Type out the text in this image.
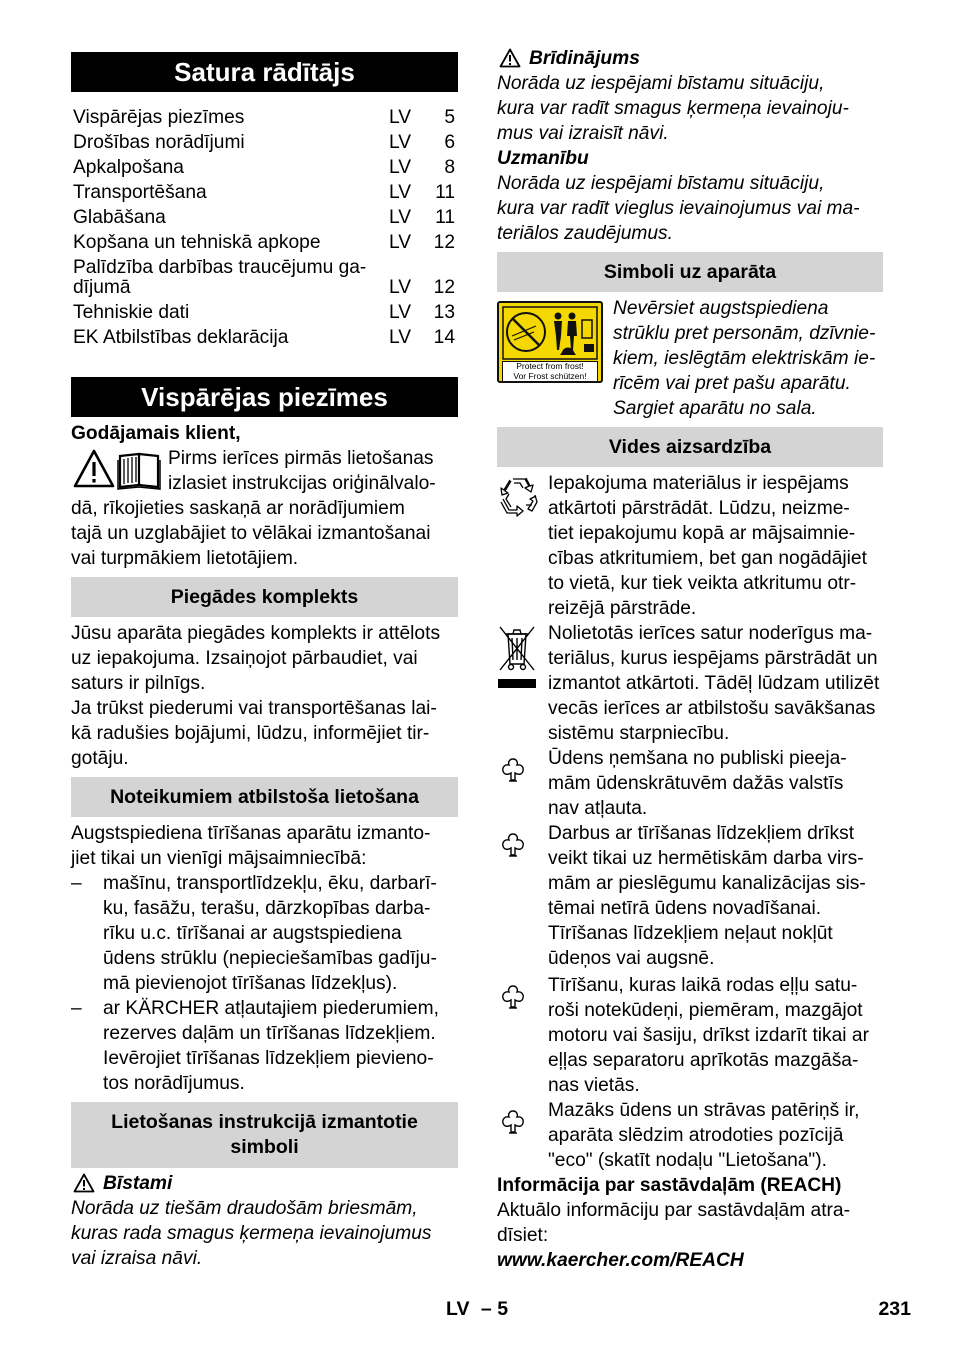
Satura rādītājs
Vispārējas piezīmes	LV 5
Drošības norādījumi	LV 6
Apkalpošana	LV 8
Transportēšana	LV 11
Glabāšana	LV 11
Kopšana un tehniskā apkope	LV 12
Palīdzība darbības traucējumu ga-
dījumā	LV 12
Tehniskie dati	LV 13
EK Atbilstības deklarācija	LV 14
Vispārējas piezīmes
Godājamais klient,
Pirms ierīces pirmās lietošanas
izlasiet instrukcijas oriģinālvalo-
dā, rīkojieties saskaņā ar norādījumiem
tajā un uzglabājiet to vēlākai izmantošanai
vai turpmākiem lietotājiem.
Piegādes komplekts
Jūsu aparāta piegādes komplekts ir attēlots
uz iepakojuma. Izsaiņojot pārbaudiet, vai
saturs ir pilnīgs.
Ja trūkst piederumi vai transportēšanas lai-
kā radušies bojājumi, lūdzu, informējiet tir-
gotāju.
Noteikumiem atbilstoša lietošana
Augstspiediena tīrīšanas aparātu izmanto-
jiet tikai un vienīgi mājsaimniecībā:
– mašīnu, transportlīdzekļu, ēku, darbarī-
ku, fasāžu, terašu, dārzkopības darba-
rīku u.c. tīrīšanai ar augstspiediena
ūdens strūklu (nepieciešamības gadīju-
mā pievienojot tīrīšanas līdzekļus).
– ar KÄRCHER atļautajiem piederumiem,
rezerves daļām un tīrīšanas līdzekļiem.
Ievērojiet tīrīšanas līdzekļiem pievieno-
tos norādījumus.
Lietošanas instrukcijā izmantotie
simboli
Bīstami
Norāda uz tiešām draudošām briesmām,
kuras rada smagus ķermeņa ievainojumus
vai izraisa nāvi.
Brīdinājums
Norāda uz iespējami bīstamu situāciju,
kura var radīt smagus ķermeņa ievainoju-
mus vai izraisīt nāvi.
Uzmanību
Norāda uz iespējami bīstamu situāciju,
kura var radīt vieglus ievainojumus vai ma-
teriālos zaudējumus.
Simboli uz aparāta
Protect from frost!
Vor Frost schützen!
Nevērsiet augstspiediena
strūklu pret personām, dzīvnie-
kiem, ieslēgtām elektriskām ie-
rīcēm vai pret pašu aparātu.
Sargiet aparātu no sala.
Vides aizsardzība
Iepakojuma materiālus ir iespējams
atkārtoti pārstrādāt. Lūdzu, neizme-
tiet iepakojumu kopā ar mājsaimnie-
cības atkritumiem, bet gan nogādājiet
to vietā, kur tiek veikta atkritumu otr-
reizējā pārstrāde.
Nolietotās ierīces satur noderīgus ma-
teriālus, kurus iespējams pārstrādāt un
izmantot atkārtoti. Tādēļ lūdzam utilizēt
vecās ierīces ar atbilstošu savākšanas
sistēmu starpniecību.
Ūdens ņemšana no publiski pieeja-
mām ūdenskrātuvēm dažās valstīs
nav atļauta.
Darbus ar tīrīšanas līdzekļiem drīkst
veikt tikai uz hermētiskām darba virs-
mām ar pieslēgumu kanalizācijas sis-
tēmai netīrā ūdens novadīšanai.
Tīrīšanas līdzekļiem neļaut nokļūt
ūdeņos vai augsnē.
Tīrīšanu, kuras laikā rodas eļļu satu-
roši notekūdeņi, piemēram, mazgājot
motoru vai šasiju, drīkst izdarīt tikai ar
eļļas separatoru aprīkotās mazgāša-
nas vietās.
Mazāks ūdens un strāvas patēriņš ir,
aparāta slēdzim atrodoties pozīcijā
"eco" (skatīt nodaļu "Lietošana").
Informācija par sastāvdaļām (REACH)
Aktuālo informāciju par sastāvdaļām atra-
dīsiet:
www.kaercher.com/REACH
LV – 5	231
